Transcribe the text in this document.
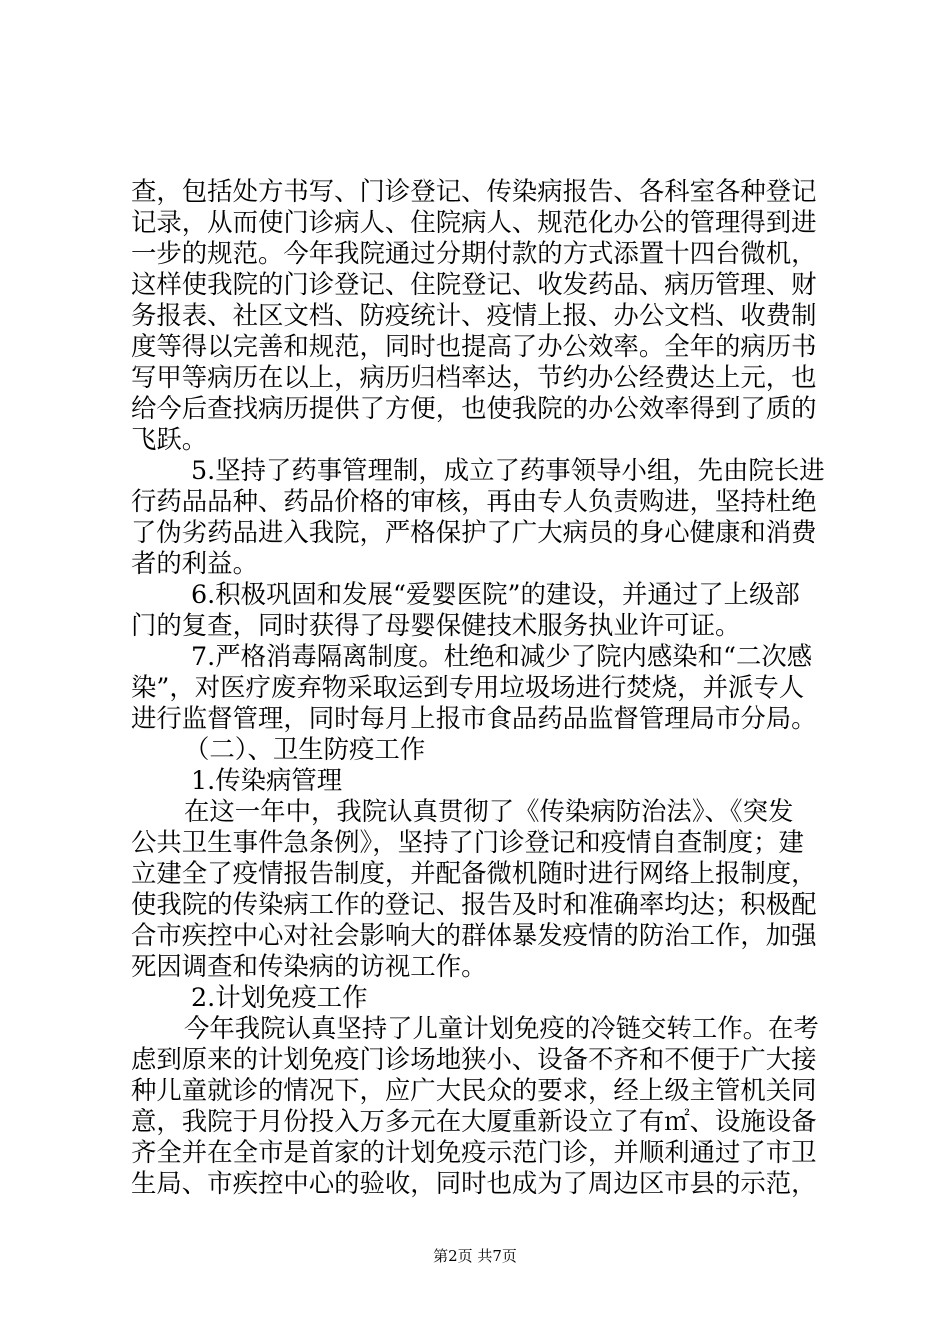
查，包括处方书写、门诊登记、传染病报告、各科室各种登记

记录，从而使门诊病人、住院病人、规范化办公的管理得到进

一步的规范。今年我院通过分期付款的方式添置十四台微机，

这样使我院的门诊登记、住院登记、收发药品、病历管理、财

务报表、社区文档、防疫统计、疫情上报、办公文档、收费制

度等得以完善和规范，同时也提高了办公效率。全年的病历书

写甲等病历在以上，病历归档率达，节约办公经费达上元，也

给今后查找病历提供了方便，也使我院的办公效率得到了质的

飞跃。

5.坚持了药事管理制，成立了药事领导小组，先由院长进

行药品品种、药品价格的审核，再由专人负责购进，坚持杜绝

了伪劣药品进入我院，严格保护了广大病员的身心健康和消费

者的利益。

6.积极巩固和发展“爱婴医院”的建设，并通过了上级部

门的复查，同时获得了母婴保健技术服务执业许可证。

7.严格消毒隔离制度。杜绝和减少了院内感染和“二次感

染”，对医疗废弃物采取运到专用垃圾场进行焚烧，并派专人

进行监督管理，同时每月上报市食品药品监督管理局市分局。

（二）、卫生防疫工作

1.传染病管理

在这一年中，我院认真贯彻了《传染病防治法》、《突发

公共卫生事件急条例》，坚持了门诊登记和疫情自查制度；建

立建全了疫情报告制度，并配备微机随时进行网络上报制度，

使我院的传染病工作的登记、报告及时和准确率均达；积极配

合市疾控中心对社会影响大的群体暴发疫情的防治工作，加强

死因调查和传染病的访视工作。

2.计划免疫工作

今年我院认真坚持了儿童计划免疫的冷链交转工作。在考

虑到原来的计划免疫门诊场地狭小、设备不齐和不便于广大接

种儿童就诊的情况下，应广大民众的要求，经上级主管机关同

意，我院于月份投入万多元在大厦重新设立了有㎡、设施设备

齐全并在全市是首家的计划免疫示范门诊，并顺利通过了市卫

生局、市疾控中心的验收，同时也成为了周边区市县的示范，

第2页 共7页
